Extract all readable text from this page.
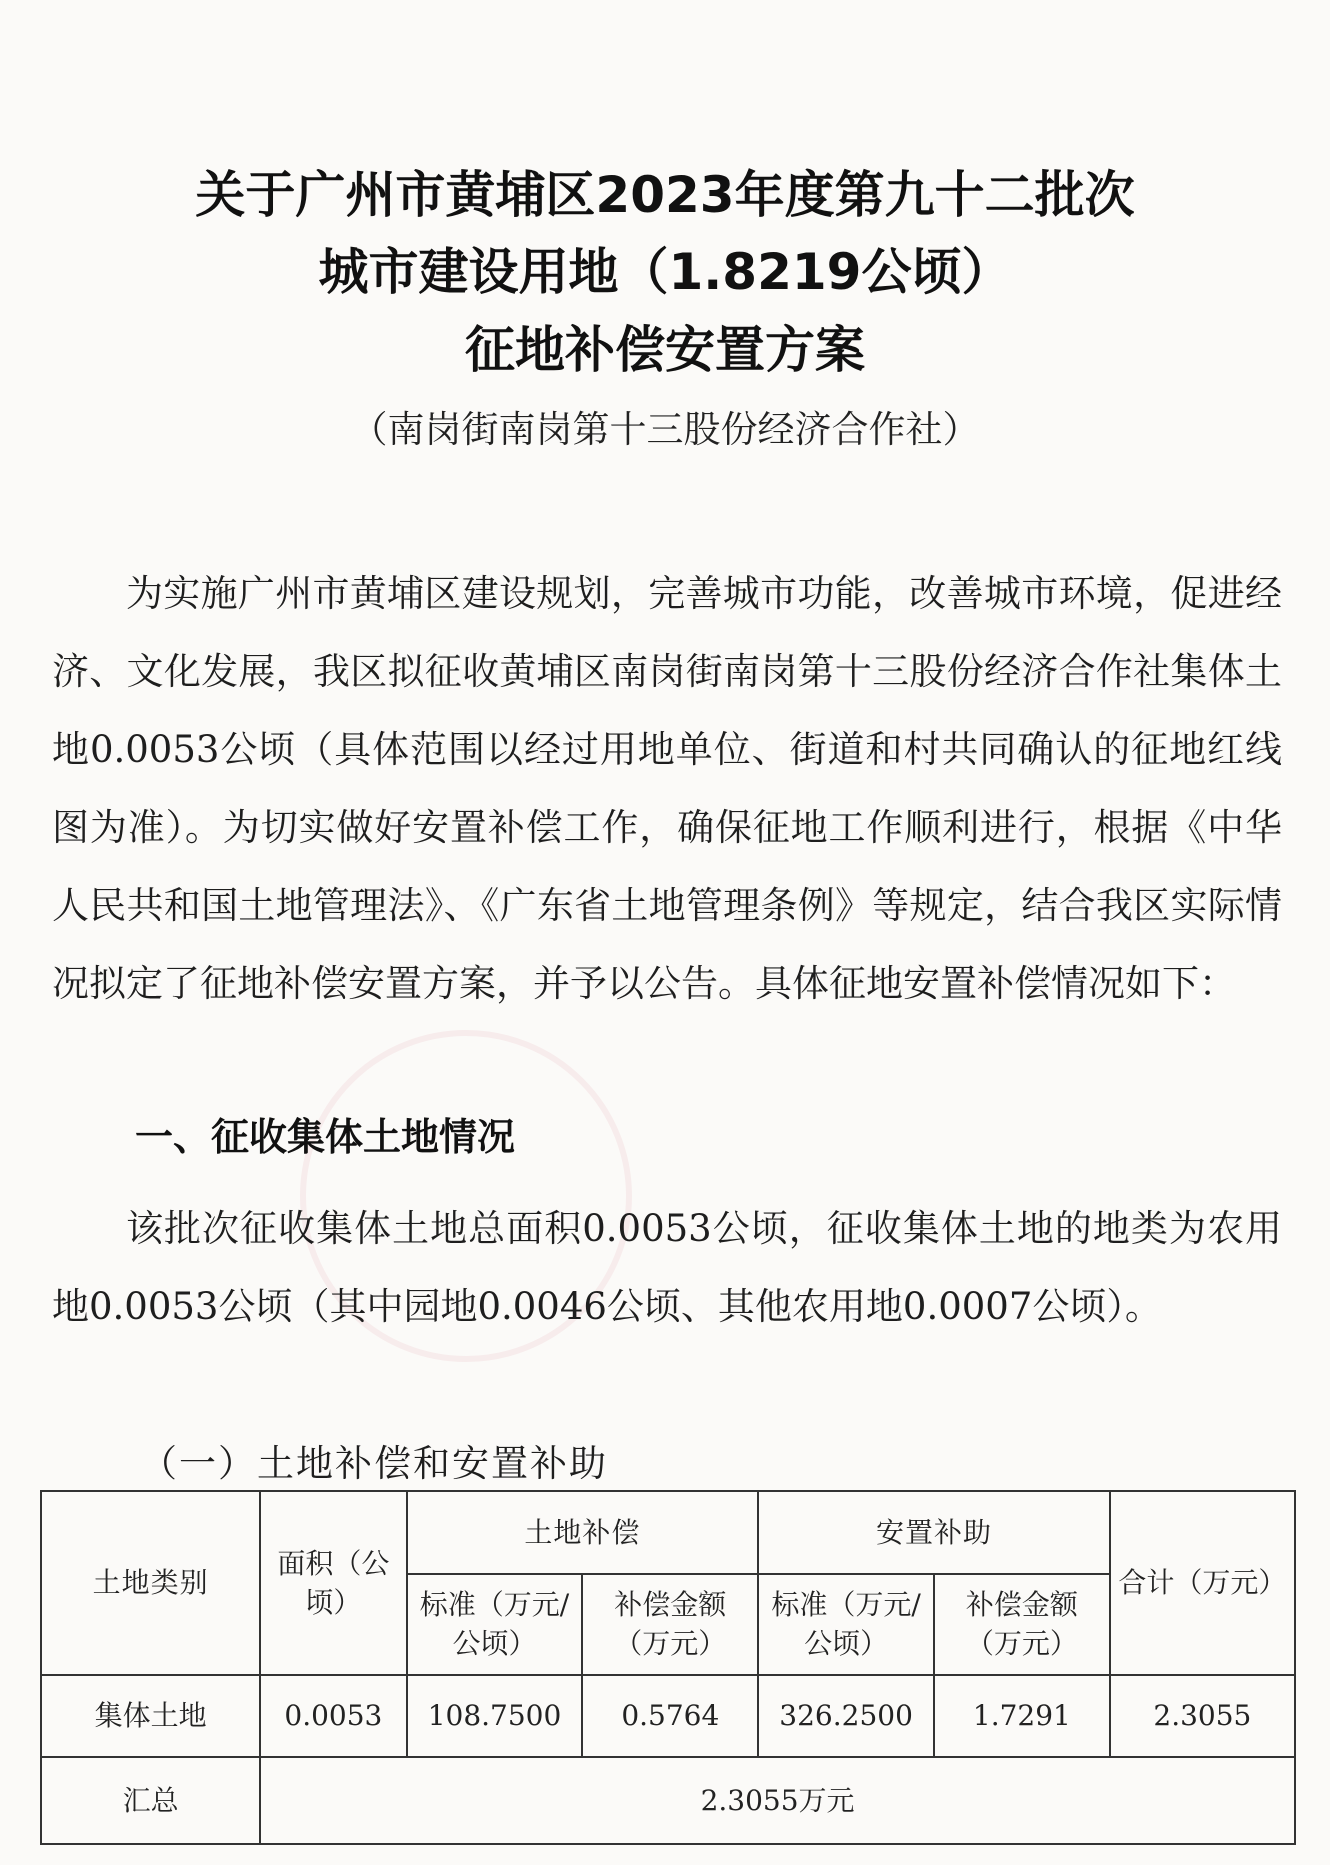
关于广州市黄埔区2023年度第九十二批次
城市建设用地（1.8219公顷）
征地补偿安置方案
（南岗街南岗第十三股份经济合作社）

为实施广州市黄埔区建设规划，完善城市功能，改善城市环境，促进经济、文化发展，我区拟征收黄埔区南岗街南岗第十三股份经济合作社集体土地0.0053公顷（具体范围以经过用地单位、街道和村共同确认的征地红线图为准）。为切实做好安置补偿工作，确保征地工作顺利进行，根据《中华人民共和国土地管理法》、《广东省土地管理条例》等规定，结合我区实际情况拟定了征地补偿安置方案，并予以公告。具体征地安置补偿情况如下：

一、征收集体土地情况

该批次征收集体土地总面积0.0053公顷，征收集体土地的地类为农用地0.0053公顷（其中园地0.0046公顷、其他农用地0.0007公顷）。

（一）土地补偿和安置补助
土地类别	面积（公顷）	土地补偿		安置补助		合计（万元）
		标准（万元/公顷）	补偿金额（万元）	标准（万元/公顷）	补偿金额（万元）	
集体土地	0.0053	108.7500	0.5764	326.2500	1.7291	2.3055
汇总	2.3055万元					
